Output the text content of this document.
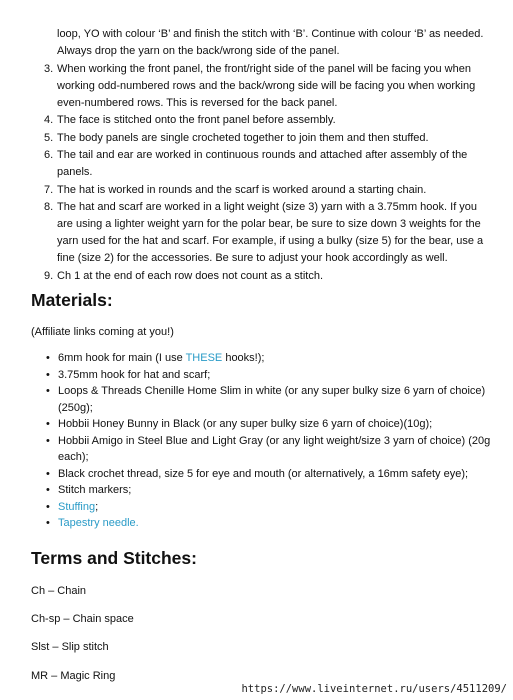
loop, YO with colour ‘B’ and finish the stitch with ‘B’. Continue with colour ‘B’ as needed. Always drop the yarn on the back/wrong side of the panel.
3. When working the front panel, the front/right side of the panel will be facing you when working odd-numbered rows and the back/wrong side will be facing you when working even-numbered rows. This is reversed for the back panel.
4. The face is stitched onto the front panel before assembly.
5. The body panels are single crocheted together to join them and then stuffed.
6. The tail and ear are worked in continuous rounds and attached after assembly of the panels.
7. The hat is worked in rounds and the scarf is worked around a starting chain.
8. The hat and scarf are worked in a light weight (size 3) yarn with a 3.75mm hook. If you are using a lighter weight yarn for the polar bear, be sure to size down 3 weights for the yarn used for the hat and scarf. For example, if using a bulky (size 5) for the bear, use a fine (size 2) for the accessories. Be sure to adjust your hook accordingly as well.
9. Ch 1 at the end of each row does not count as a stitch.
Materials:

(Affiliate links coming at you!)

• 6mm hook for main (I use THESE hooks!);
• 3.75mm hook for hat and scarf;
• Loops & Threads Chenille Home Slim in white (or any super bulky size 6 yarn of choice)(250g);
• Hobbii Honey Bunny in Black (or any super bulky size 6 yarn of choice)(10g);
• Hobbii Amigo in Steel Blue and Light Gray (or any light weight/size 3 yarn of choice) (20g each);
• Black crochet thread, size 5 for eye and mouth (or alternatively, a 16mm safety eye);
• Stitch markers;
• Stuffing;
• Tapestry needle.
Terms and Stitches:

Ch – Chain

Ch-sp – Chain space

Slst – Slip stitch

MR – Magic Ring

https://www.liveinternet.ru/users/4511209/
